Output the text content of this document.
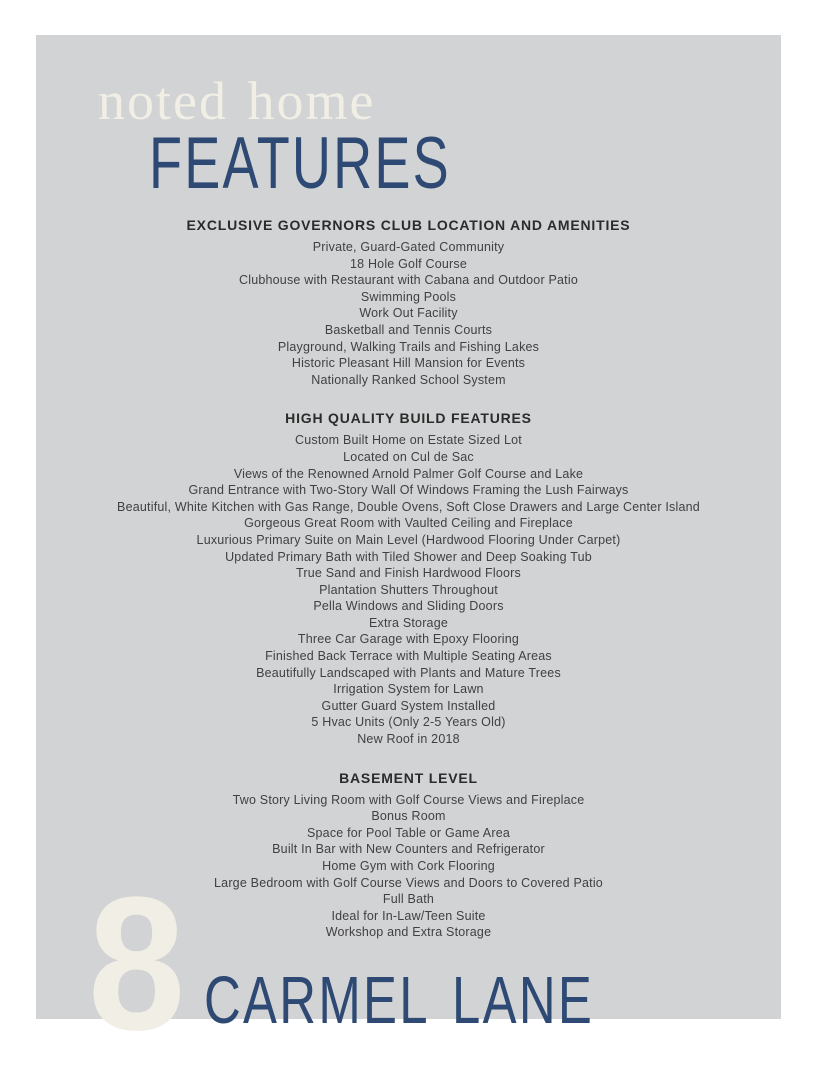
noted home
FEATURES
EXCLUSIVE GOVERNORS CLUB LOCATION AND AMENITIES
Private, Guard-Gated Community
18 Hole Golf Course
Clubhouse with Restaurant with Cabana and Outdoor Patio
Swimming Pools
Work Out Facility
Basketball and Tennis Courts
Playground, Walking Trails and Fishing Lakes
Historic Pleasant Hill Mansion for Events
Nationally Ranked School System
HIGH QUALITY BUILD FEATURES
Custom Built Home on Estate Sized Lot
Located on Cul de Sac
Views of the Renowned Arnold Palmer Golf Course and Lake
Grand Entrance with Two-Story Wall Of Windows Framing the Lush Fairways
Beautiful, White Kitchen with Gas Range, Double Ovens, Soft Close Drawers and Large Center Island
Gorgeous Great Room with Vaulted Ceiling and Fireplace
Luxurious Primary Suite on Main Level (Hardwood Flooring Under Carpet)
Updated Primary Bath with Tiled Shower and Deep Soaking Tub
True Sand and Finish Hardwood Floors
Plantation Shutters Throughout
Pella Windows and Sliding Doors
Extra Storage
Three Car Garage with Epoxy Flooring
Finished Back Terrace with Multiple Seating Areas
Beautifully Landscaped with Plants and Mature Trees
Irrigation System for Lawn
Gutter Guard System Installed
5 Hvac Units (Only 2-5 Years Old)
New Roof in 2018
BASEMENT LEVEL
Two Story Living Room with Golf Course Views and Fireplace
Bonus Room
Space for Pool Table or Game Area
Built In Bar with New Counters and Refrigerator
Home Gym with Cork Flooring
Large Bedroom with Golf Course Views and Doors to Covered Patio
Full Bath
Ideal for In-Law/Teen Suite
Workshop and Extra Storage
8 CARMEL LANE
